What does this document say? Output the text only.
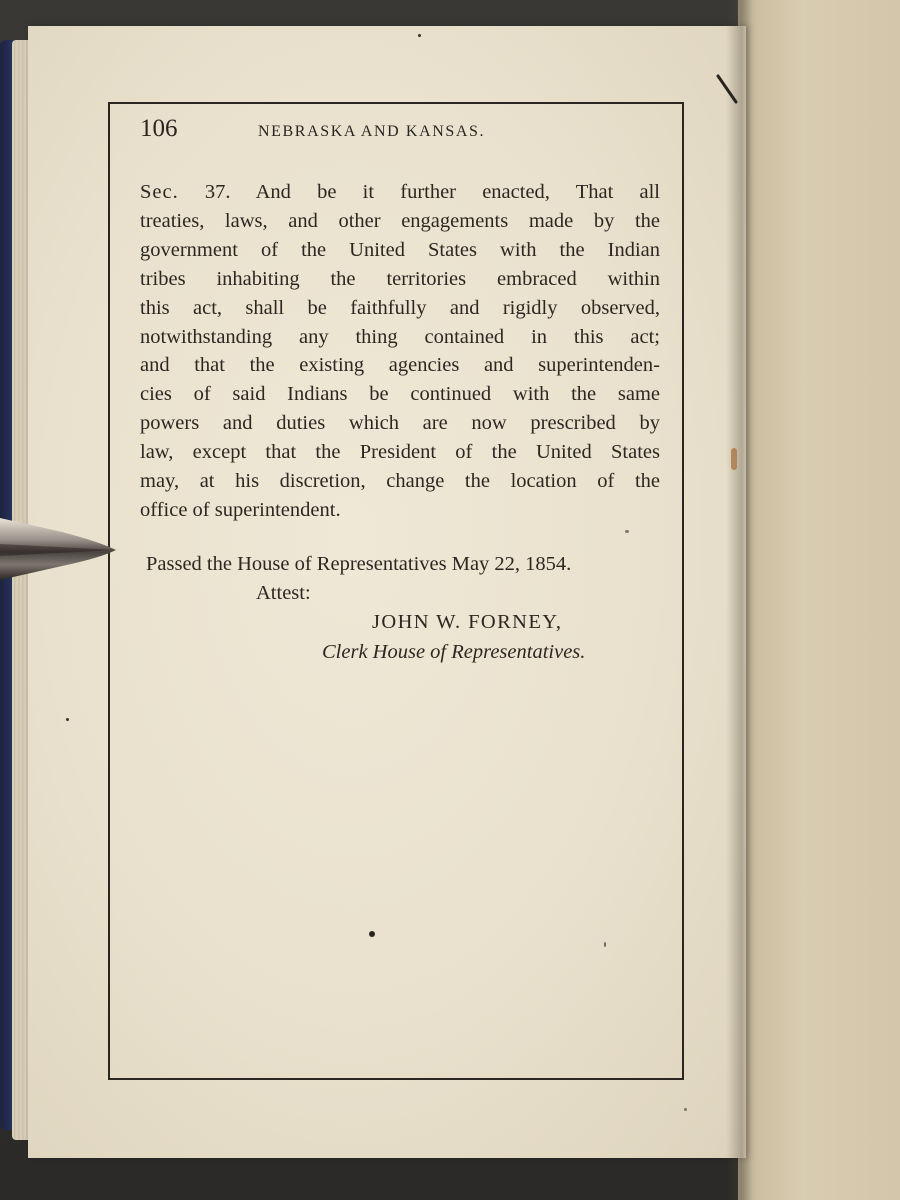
106	NEBRASKA AND KANSAS.
Sec. 37. And be it further enacted, That all
treaties, laws, and other engagements made by the
government of the United States with the Indian
tribes inhabiting the territories embraced within
this act, shall be faithfully and rigidly observed,
notwithstanding any thing contained in this act;
and that the existing agencies and superintenden-
cies of said Indians be continued with the same
powers and duties which are now prescribed by
law, except that the President of the United States
may, at his discretion, change the location of the
office of superintendent.
Passed the House of Representatives May 22, 1854.
Attest:
JOHN W. FORNEY,
Clerk House of Representatives.
